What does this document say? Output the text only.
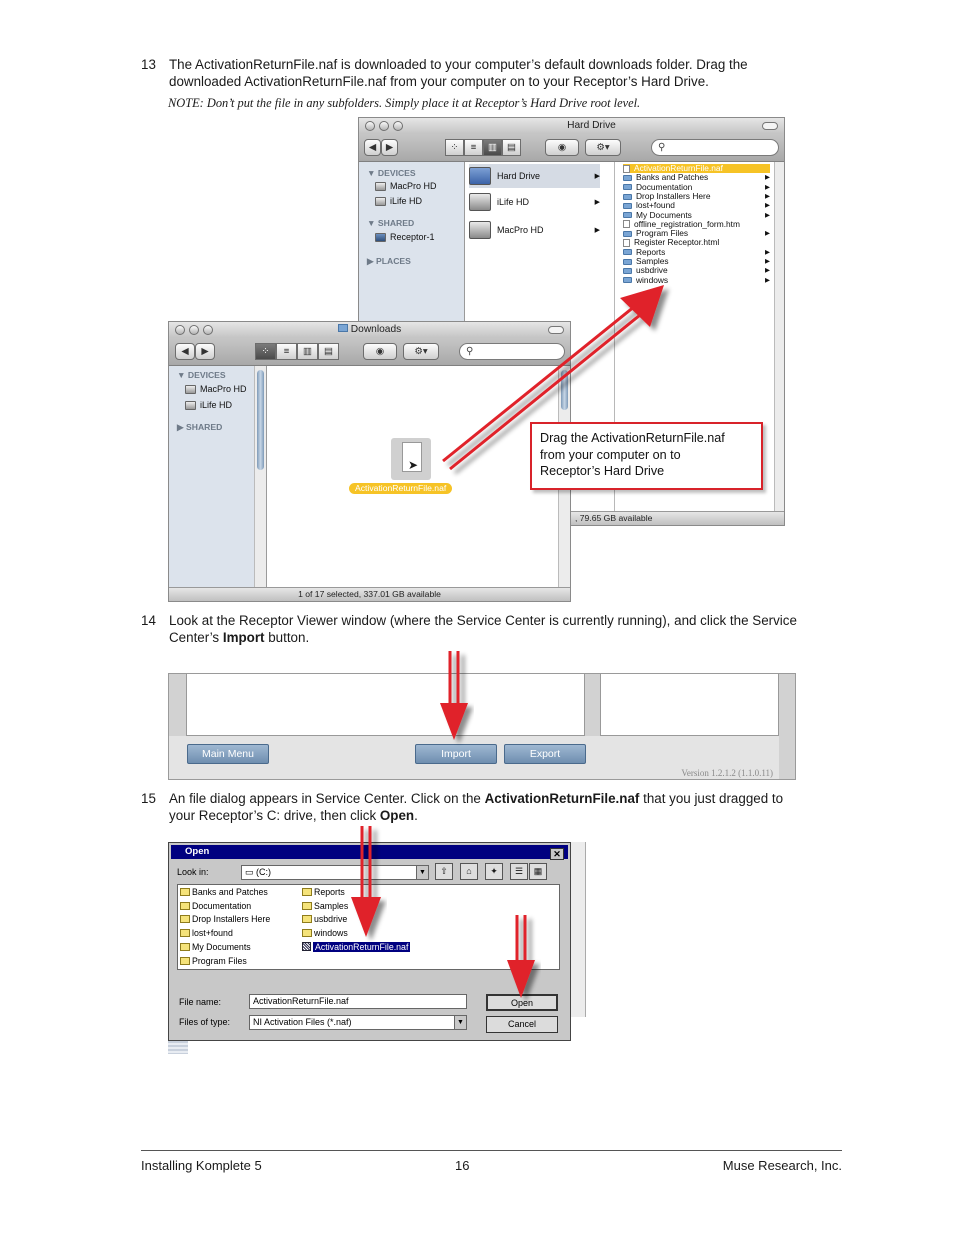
13 The ActivationReturnFile.naf is downloaded to your computer’s default downloads folder. Drag the
downloaded ActivationReturnFile.naf from your computer on to your Receptor’s Hard Drive.
NOTE: Don’t put the file in any subfolders. Simply place it at Receptor’s Hard Drive root level.
Hard Drive
◀	▶	⁘	≡	▥	▤	◉	⚙▾	⚲
▼ DEVICES
MacPro HD
iLife HD
▼ SHARED
Receptor-1
▶ PLACES
Hard Drive	▶
iLife HD	▶
MacPro HD	▶
ActivationReturnFile.naf
Banks and Patches	▶
Documentation	▶
Drop Installers Here	▶
lost+found	▶
My Documents	▶
offline_registration_form.htm
Program Files	▶
Register Receptor.html
Reports	▶
Samples	▶
usbdrive	▶
windows	▶
, 79.65 GB available
Downloads
◀	▶	⁘	≡	▥	▤	◉	⚙▾	⚲
▼ DEVICES
MacPro HD
iLife HD
▶ SHARED
➤
ActivationReturnFile.naf
1 of 17 selected, 337.01 GB available
Drag the ActivationReturnFile.naf
from your computer on to
Receptor’s Hard Drive
14 Look at the Receptor Viewer window (where the Service Center is currently running), and click the Service
Center’s Import button.
Main Menu	Import	Export
Version 1.2.1.2 (1.1.0.11)
15 An file dialog appears in Service Center. Click on the ActivationReturnFile.naf that you just dragged to
your Receptor’s C: drive, then click Open.
Open	✕
Look in:	▭ (C:)	▼	⇧	⌂	✦	☰	▦
Banks and Patches
Documentation
Drop Installers Here
lost+found
My Documents
Program Files
Reports
Samples
usbdrive
windows
ActivationReturnFile.naf
File name:	ActivationReturnFile.naf
Files of type:	NI Activation Files (*.naf)	▼
Open
Cancel
Installing Komplete 5	16	Muse Research, Inc.
